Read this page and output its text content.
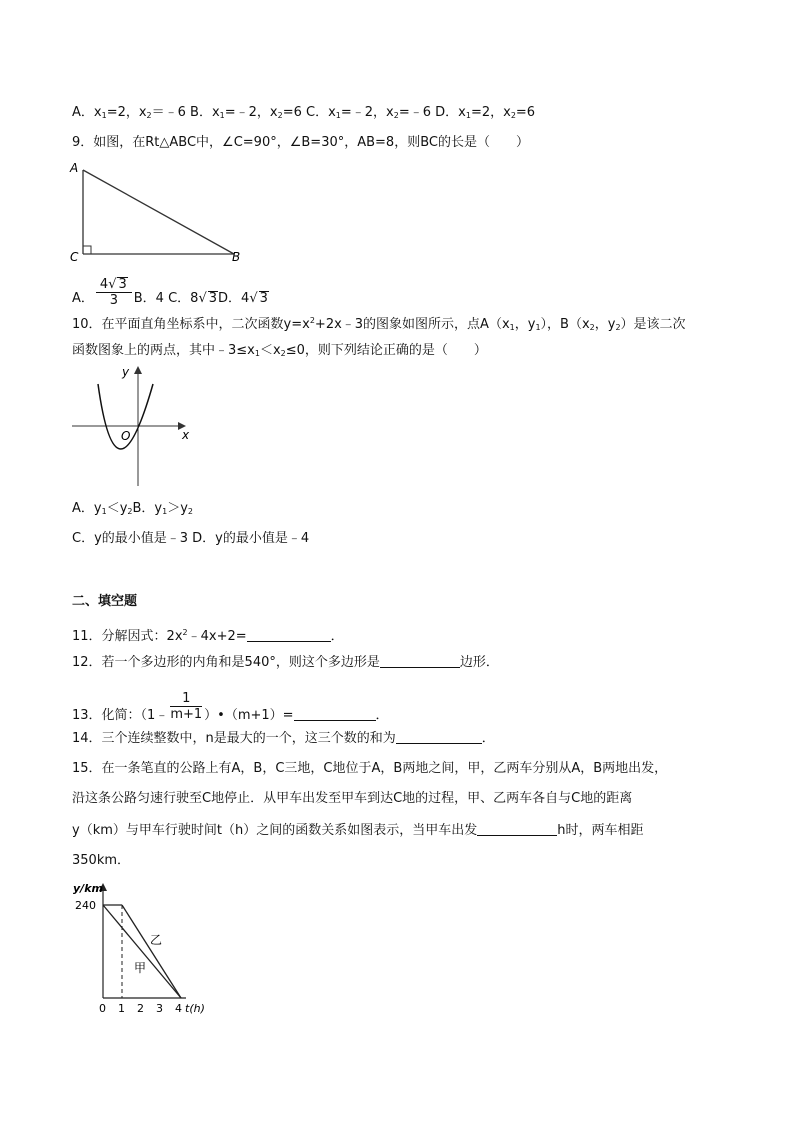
A．$x_1=2$，$x_2=﹣6$ B．$x_1=﹣2$，$x_2=6$ C．$x_1=﹣2$，$x_2=﹣6$ D．$x_1=2$，$x_2=6$
9．如图，在Rt△ABC中，∠C=90°，∠B=30°，AB=8，则BC的长是（　　）
A
C	B
A． $\frac{4√ 3}{3}$ B．4 C．8√ 3D．4√ 3
10．在平面直角坐标系中，二次函数$y=x^2+2x﹣3$的图象如图所示，点$A(x_1$，$y_1$），$B(x_2$，$y_2$）是该二次
函数图象上的两点，其中$﹣3\le x_1<x_2\le 0$，则下列结论正确的是（　　）
y
x
O
A．$y_1<y_2B$．$y_1>y_2$
C．y的最小值是﹣3 D．y的最小值是﹣4
二、填空题
11．分解因式：$2x^2﹣4x+2=$	．
12．若一个多边形的内角和是540°，则这个多边形是	边形．
13．化简：（1﹣ $\frac{1}{m+1}$ ）•（m+1）=	．
14．三个连续整数中，n是最大的一个，这三个数的和为	．
15．在一条笔直的公路上有A，B，C三地，C地位于A，B两地之间，甲，乙两车分别从A，B两地出发，
沿这条公路匀速行驶至C地停止．从甲车出发至甲车到达C地的过程，甲、乙两车各自与C地的距离
y（km）与甲车行驶时间t（h）之间的函数关系如图表示，当甲车出发	h时，两车相距
350km．
y/km
240
乙
甲
0 1 2 3 4 t(h)
